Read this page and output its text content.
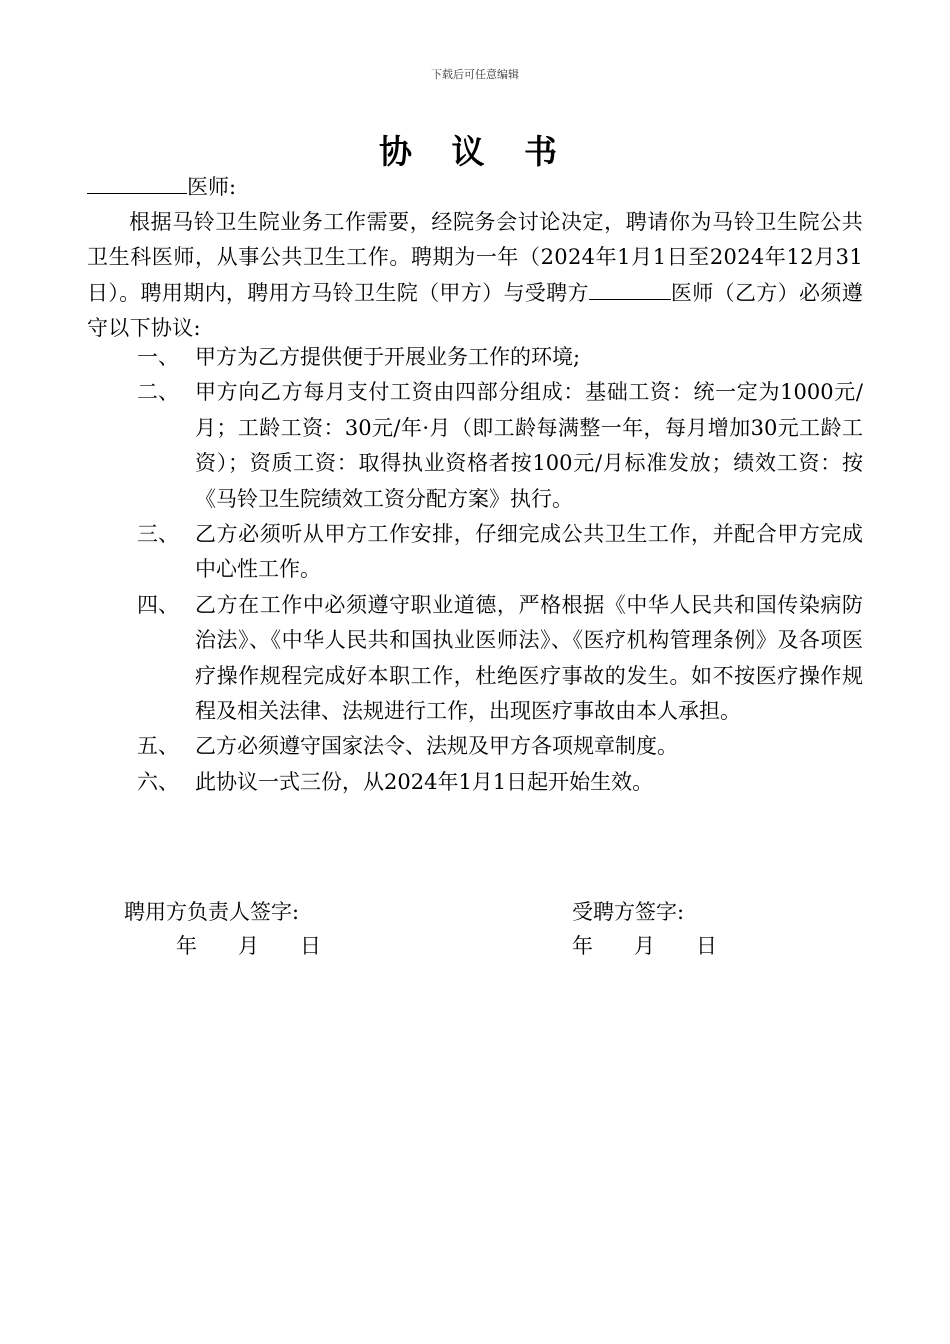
下载后可任意编辑
协 议 书
医师:
根据马铃卫生院业务工作需要，经院务会讨论决定，聘请你为马铃卫生院公共卫生科医师，从事公共卫生工作。聘期为一年（2024年1月1日至2024年12月31日）。聘用期内，聘用方马铃卫生院（甲方）与受聘方	医师（乙方）必须遵守以下协议:
一、 甲方为乙方提供便于开展业务工作的环境;
二、 甲方向乙方每月支付工资由四部分组成：基础工资：统一定为1000元/月；工龄工资：30元/年·月（即工龄每满整一年，每月增加30元工龄工资）；资质工资：取得执业资格者按100元/月标准发放；绩效工资：按《马铃卫生院绩效工资分配方案》执行。
三、 乙方必须听从甲方工作安排，仔细完成公共卫生工作，并配合甲方完成中心性工作。
四、 乙方在工作中必须遵守职业道德，严格根据《中华人民共和国传染病防治法》、《中华人民共和国执业医师法》、《医疗机构管理条例》及各项医疗操作规程完成好本职工作，杜绝医疗事故的发生。如不按医疗操作规程及相关法律、法规进行工作，出现医疗事故由本人承担。
五、 乙方必须遵守国家法令、法规及甲方各项规章制度。
六、 此协议一式三份，从2024年1月1日起开始生效。
聘用方负责人签字:
年 月 日
受聘方签字:
年 月 日
